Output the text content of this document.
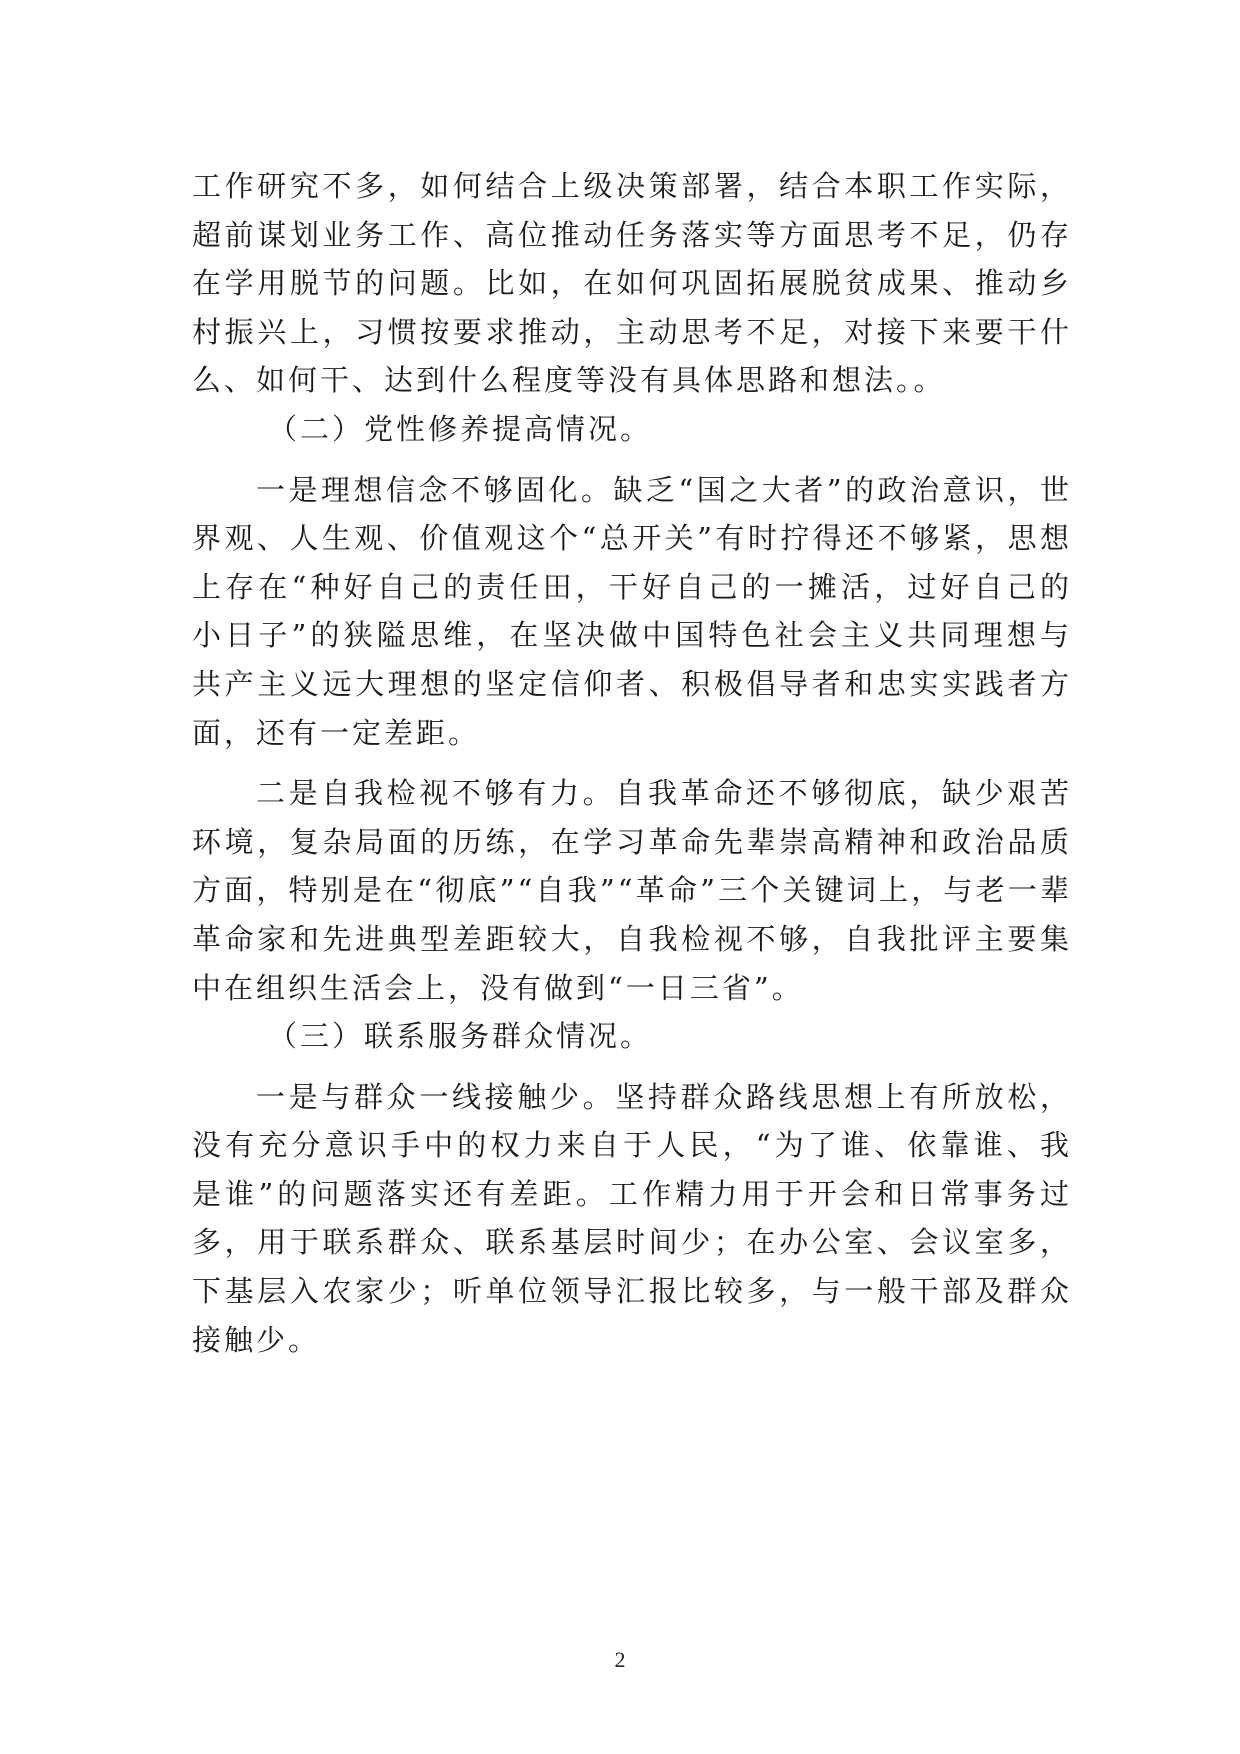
工作研究不多，如何结合上级决策部署，结合本职工作实际，超前谋划业务工作、高位推动任务落实等方面思考不足，仍存在学用脱节的问题。比如，在如何巩固拓展脱贫成果、推动乡村振兴上，习惯按要求推动，主动思考不足，对接下来要干什么、如何干、达到什么程度等没有具体思路和想法。。

（二）党性修养提高情况。

一是理想信念不够固化。缺乏“国之大者”的政治意识，世界观、人生观、价值观这个“总开关”有时拧得还不够紧，思想上存在“种好自己的责任田，干好自己的一摊活，过好自己的小日子”的狭隘思维，在坚决做中国特色社会主义共同理想与共产主义远大理想的坚定信仰者、积极倡导者和忠实实践者方面，还有一定差距。

二是自我检视不够有力。自我革命还不够彻底，缺少艰苦环境，复杂局面的历练，在学习革命先辈崇高精神和政治品质方面，特别是在“彻底”“自我”“革命”三个关键词上，与老一辈革命家和先进典型差距较大，自我检视不够，自我批评主要集中在组织生活会上，没有做到“一日三省”。

（三）联系服务群众情况。

一是与群众一线接触少。坚持群众路线思想上有所放松，没有充分意识手中的权力来自于人民，“为了谁、依靠谁、我是谁”的问题落实还有差距。工作精力用于开会和日常事务过多，用于联系群众、联系基层时间少；在办公室、会议室多，下基层入农家少；听单位领导汇报比较多，与一般干部及群众接触少。

2
